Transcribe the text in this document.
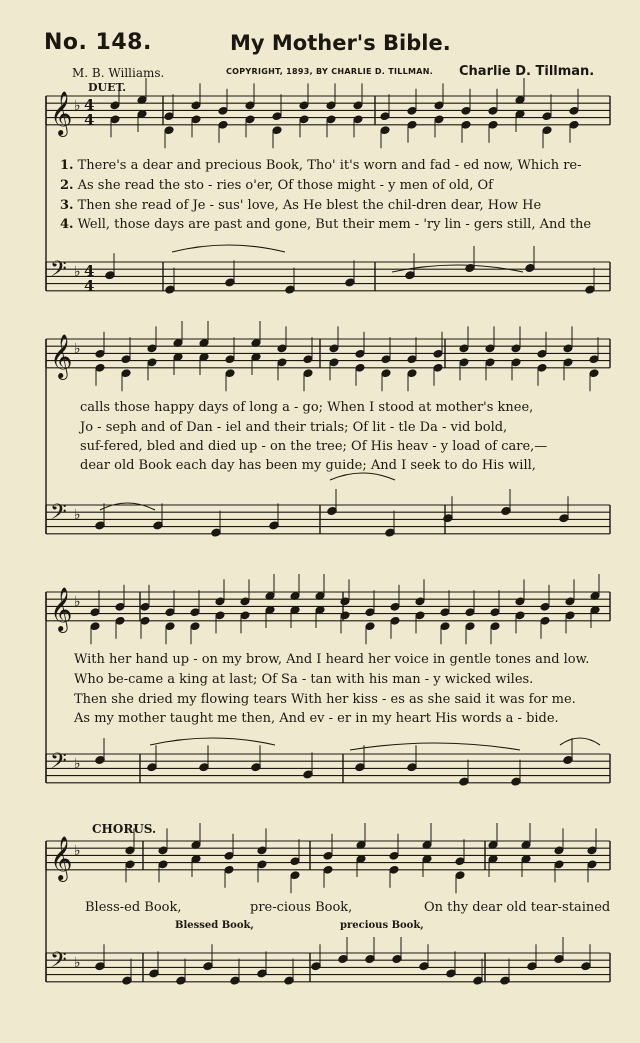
No. 148.	My Mother's Bible.
M. B. Williams.	COPYRIGHT, 1893, BY CHARLIE D. TILLMAN. Charlie D. Tillman.
DUET.
𝄞 ♭
𝄢 ♭
𝄞 ♭
𝄢 ♭
𝄞 ♭
𝄢 ♭
𝄞 ♭
𝄢 ♭
4
4
4
4
1. There's a dear and precious Book, Tho' it's worn and fad - ed now, Which re-
2. As she read the sto - ries o'er, Of those might - y men of old, Of
3. Then she read of Je - sus' love, As He blest the chil-dren dear, How He
4. Well, those days are past and gone, But their mem - 'ry lin - gers still, And the
calls those happy days of long a - go; When I stood at mother's knee,
Jo - seph and of Dan - iel and their trials; Of lit - tle Da - vid bold,
suf-fered, bled and died up - on the tree; Of His heav - y load of care,—
dear old Book each day has been my guide; And I seek to do His will,
With her hand up - on my brow, And I heard her voice in gentle tones and low.
Who be-came a king at last; Of Sa - tan with his man - y wicked wiles.
Then she dried my flowing tears With her kiss - es as she said it was for me.
As my mother taught me then, And ev - er in my heart His words a - bide.
CHORUS.
Bless-ed Book,	pre-cious Book,	On thy dear old tear-stained
Blessed Book,	precious Book,
